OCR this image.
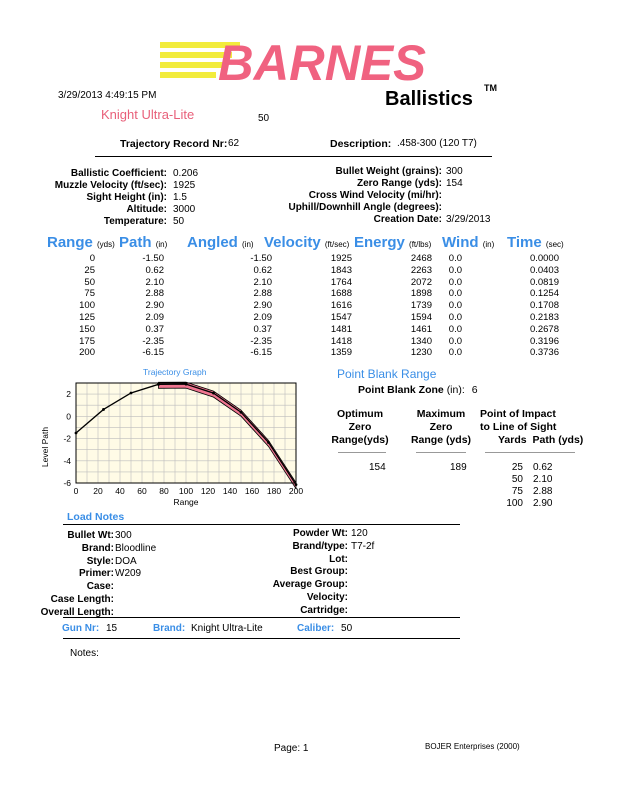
BARNES
3/29/2013 4:49:15 PM	Ballistics TM
Knight Ultra-Lite	50
Trajectory Record Nr: 62	Description: .458-300 (120 T7)
Ballistic Coefficient: 0.206
Muzzle Velocity (ft/sec): 1925
Sight Height (in): 1.5
Altitude: 3000
Temperature: 50
Bullet Weight (grains): 300
Zero Range (yds): 154
Cross Wind Velocity (mi/hr):
Uphill/Downhill Angle (degrees):
Creation Date: 3/29/2013
Range (yds) Path (in) Angled (in) Velocity (ft/sec) Energy (ft/lbs) Wind (in) Time (sec)
0	-1.50	-1.50	1925	2468 0.0	0.0000
25	0.62	0.62	1843	2263 0.0	0.0403
50	2.10	2.10	1764	2072 0.0	0.0819
75	2.88	2.88	1688	1898 0.0	0.1254
100	2.90	2.90	1616	1739 0.0	0.1708
125	2.09	2.09	1547	1594 0.0	0.2183
150	0.37	0.37	1481	1461 0.0	0.2678
175	-2.35	-2.35	1418	1340 0.0	0.3196
200	-6.15	-6.15	1359	1230 0.0	0.3736
Trajectory Graph
0 20 40 60 80 100 120 140 160 180 200
2
0
-2
-4
-6
Range
Level Path
Point Blank Range
Point Blank Zone (in): 6
Optimum
Zero
Range(yds)
Maximum
Zero
Range (yds)
Point of Impact
to Line of Sight
Yards Path (yds)
154	189	25 0.62
50 2.10
75 2.88
100 2.90
Load Notes
Bullet Wt: 300
Brand: Bloodline
Style: DOA
Primer: W209
Case:
Case Length:
Overall Length:
Powder Wt: 120
Brand/type: T7-2f
Lot:
Best Group:
Average Group:
Velocity:
Cartridge:
Gun Nr: 15	Brand: Knight Ultra-Lite	Caliber: 50
Notes:
Page: 1	BOJER Enterprises (2000)
